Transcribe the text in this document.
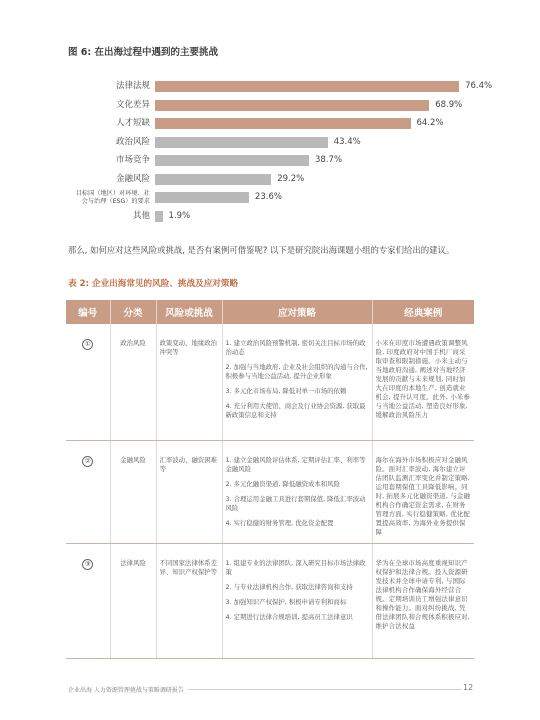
图 6: 在出海过程中遇到的主要挑战
法律法规	76.4%
文化差异	68.9%
人才短缺	64.2%
政治风险	43.4%
市场竞争	38.7%
金融风险	29.2%
目标国（地区）对环境、社
会与治理（ESG）的要求	23.6%
其他 1.9%
那么, 如何应对这些风险或挑战, 是否有案例可借鉴呢? 以下是研究院出海课题小组的专家们给出的建议。
表 2: 企业出海常见的风险、挑战及应对策略
编号	分类	风险或挑战	应对策略	经典案例
①	政治风险	政策变动、地缘政治冲突等	1. 建立政治风险预警机制, 密切关注目标市场的政治动态
2. 加强与当地政府, 企业及社会组织的沟通与合作, 积极参与当地公益活动, 提升企业形象
3. 多元化市场布局, 降低对单一市场的依赖
4. 充分利用大使馆、商会及行业协会资源, 获取最新政策信息和支持	小米在印度市场遭遇政策调整风险, 印度政府对中国手机厂商采取审查和限制措施。小米主动与当地政府沟通, 阐述对当地经济发展的贡献与未来规划, 同时加大在印度的本地生产, 创造就业机会, 提升认可度。此外, 小米参与当地公益活动, 塑造良好形象, 缓解政治风险压力
②	金融风险	汇率波动、融资困难等	1. 建立金融风险评估体系, 定期评估汇率、利率等金融风险
2. 多元化融资渠道, 降低融资成本和风险
3. 合理运用金融工具进行套期保值, 降低汇率波动风险
4. 实行稳健的财务管理, 优化资金配置	海尔在海外市场积极应对金融风险。面对汇率波动, 海尔建立评估团队监测汇率变化并制定策略, 运用套期保值工具降低影响。同时, 拓展多元化融资渠道, 与金融机构合作确定资金需求, 在财务管理方面, 实行稳健策略, 优化配置提高效率, 为海外业务提供保障
③	法律风险	不同国家法律体系差异、知识产权保护等	1. 组建专业的法律团队, 深入研究目标市场法律政策
2. 与专业法律机构合作, 获取法律咨询和支持
3. 加强知识产权保护, 积极申请专利和商标
4. 定期进行法律合规培训, 提高员工法律意识	华为在全球市场高度重视知识产权保护和法律合规。投入资源研发技术并全球申请专利, 与国际法律机构合作确保海外经营合规。定期培训员工增强法律意识和操作能力。面对纠纷挑战, 凭借法律团队和合规体系积极应对, 维护合法权益
企业出海 人力资源管理挑战与策略调研报告	12
